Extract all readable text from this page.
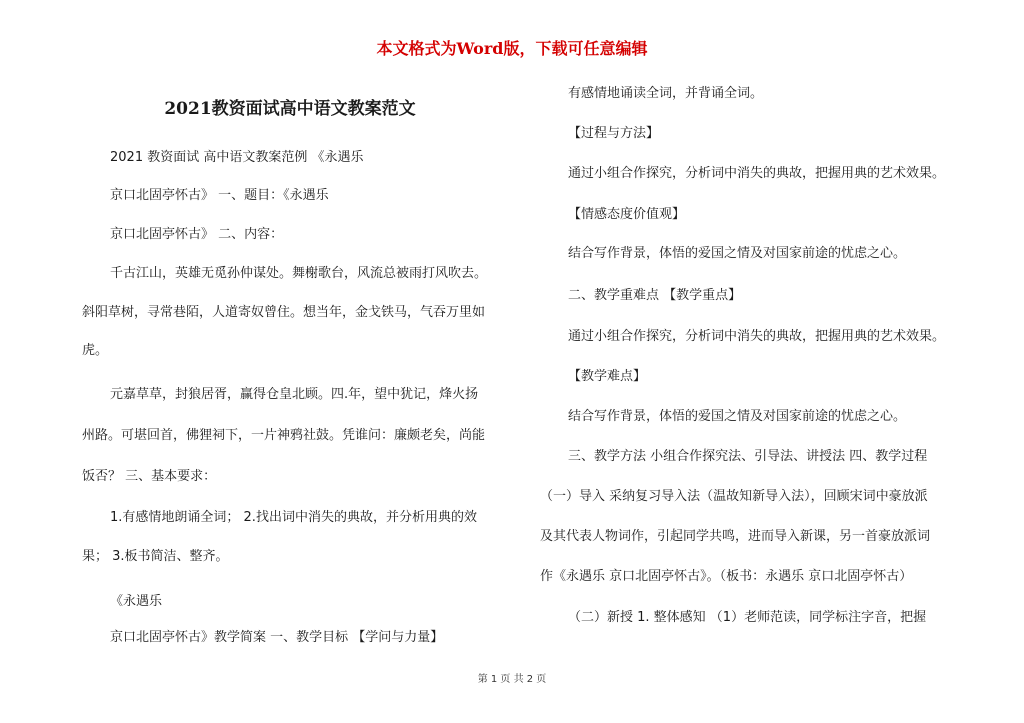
本文格式为Word版，下载可任意编辑
2021教资面试高中语文教案范文
2021 教资面试 高中语文教案范例 《永遇乐
京口北固亭怀古》 一、题目：《永遇乐
京口北固亭怀古》 二、内容：
千古江山，英雄无觅孙仲谋处。舞榭歌台，风流总被雨打风吹去。
斜阳草树，寻常巷陌，人道寄奴曾住。想当年，金戈铁马，气吞万里如
虎。
元嘉草草，封狼居胥，赢得仓皇北顾。四.年，望中犹记，烽火扬
州路。可堪回首，佛狸祠下，一片神鸦社鼓。凭谁问：廉颇老矣，尚能
饭否？ 三、基本要求：
1.有感情地朗诵全词； 2.找出词中消失的典故，并分析用典的效
果； 3.板书简洁、整齐。
《永遇乐
京口北固亭怀古》教学简案 一、教学目标 【学问与力量】
有感情地诵读全词，并背诵全词。
【过程与方法】
通过小组合作探究，分析词中消失的典故，把握用典的艺术效果。
【情感态度价值观】
结合写作背景，体悟的爱国之情及对国家前途的忧虑之心。
二、教学重难点 【教学重点】
通过小组合作探究，分析词中消失的典故，把握用典的艺术效果。
【教学难点】
结合写作背景，体悟的爱国之情及对国家前途的忧虑之心。
三、教学方法 小组合作探究法、引导法、讲授法 四、教学过程
（一）导入 采纳复习导入法（温故知新导入法），回顾宋词中豪放派
及其代表人物词作，引起同学共鸣，进而导入新课，另一首豪放派词
作《永遇乐 京口北固亭怀古》。（板书：永遇乐 京口北固亭怀古）
（二）新授 1. 整体感知 （1）老师范读，同学标注字音，把握
第 1 页 共 2 页
